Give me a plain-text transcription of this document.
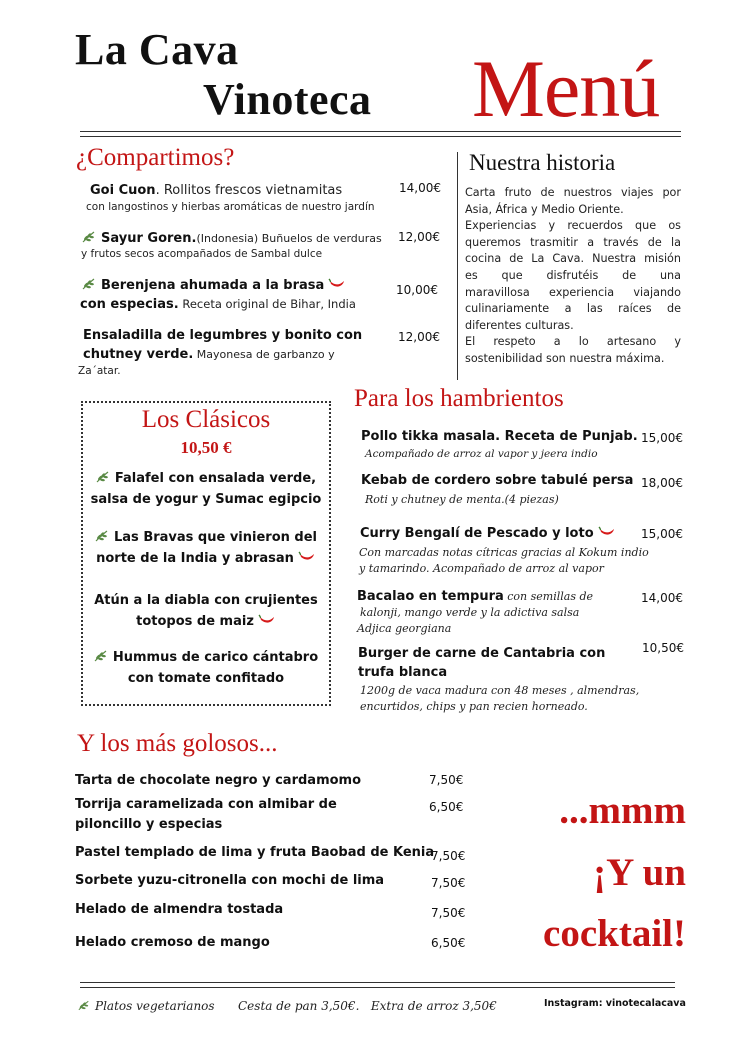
La Cava
Vinoteca Menú
¿Compartimos?
Goi Cuon. Rollitos frescos vietnamitas
con langostinos y hierbas aromáticas de nuestro jardín
14,00€
Sayur Goren.(Indonesia) Buñuelos de verduras
y frutos secos acompañados de Sambal dulce
12,00€
Berenjena ahumada a la brasa
con especias. Receta original de Bihar, India
10,00€
Ensaladilla de legumbres y bonito con
chutney verde. Mayonesa de garbanzo y
Za´atar.
12,00€
Nuestra historia
Carta fruto de nuestros viajes por
Asia, África y Medio Oriente.
Experiencias y recuerdos que os
queremos trasmitir a través de la
cocina de La Cava. Nuestra misión
es que disfrutéis de una
maravillosa experiencia viajando
culinariamente a las raíces de
diferentes culturas.
El respeto a lo artesano y
sostenibilidad son nuestra máxima.
Los Clásicos
10,50 €
Falafel con ensalada verde,
salsa de yogur y Sumac egipcio
Las Bravas que vinieron del
norte de la India y abrasan
Atún a la diabla con crujientes
totopos de maiz
Hummus de carico cántabro
con tomate confitado
Para los hambrientos
Pollo tikka masala. Receta de Punjab.
Acompañado de arroz al vapor y jeera indio
15,00€
Kebab de cordero sobre tabulé persa
Roti y chutney de menta.(4 piezas)
18,00€
Curry Bengalí de Pescado y loto
Con marcadas notas cítricas gracias al Kokum indio
y tamarindo. Acompañado de arroz al vapor
15,00€
Bacalao en tempura con semillas de
kalonji, mango verde y la adictiva salsa
Adjica georgiana
14,00€
Burger de carne de Cantabria con
trufa blanca
1200g de vaca madura con 48 meses , almendras,
encurtidos, chips y pan recien horneado.
10,50€
Y los más golosos...
Tarta de chocolate negro y cardamomo	7,50€
Torrija caramelizada con almibar de
piloncillo y especias
6,50€
Pastel templado de lima y fruta Baobad de Kenia
7,50€
Sorbete yuzu-citronella con mochi de lima	7,50€
Helado de almendra tostada	7,50€
Helado cremoso de mango	6,50€
...mmm
¡Y un
cocktail!
Platos vegetarianos Cesta de pan 3,50€.   Extra de arroz 3,50€	Instagram: vinotecalacava
